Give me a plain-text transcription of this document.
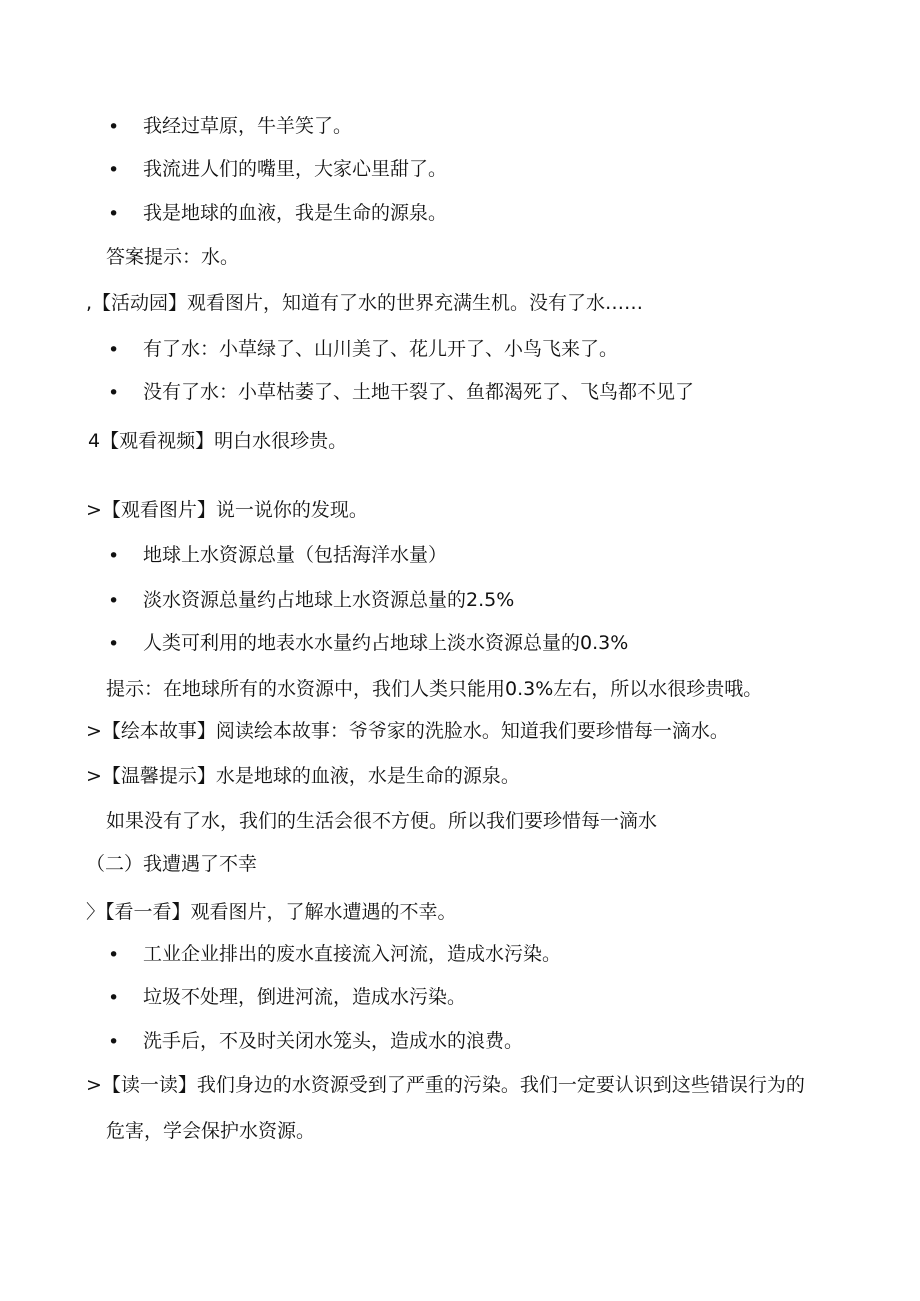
• 我经过草原，牛羊笑了。
• 我流进人们的嘴里，大家心里甜了。
• 我是地球的血液，我是生命的源泉。
答案提示：水。
,【活动园】观看图片，知道有了水的世界充满生机。没有了水……
• 有了水：小草绿了、山川美了、花儿开了、小鸟飞来了。
• 没有了水：小草枯萎了、土地干裂了、鱼都渴死了、飞鸟都不见了
4【观看视频】明白水很珍贵。
>【观看图片】说一说你的发现。
• 地球上水资源总量（包括海洋水量）
• 淡水资源总量约占地球上水资源总量的2.5%
• 人类可利用的地表水水量约占地球上淡水资源总量的0.3%
提示：在地球所有的水资源中，我们人类只能用0.3%左右，所以水很珍贵哦。
>【绘本故事】阅读绘本故事：爷爷家的洗脸水。知道我们要珍惜每一滴水。
>【温馨提示】水是地球的血液，水是生命的源泉。
如果没有了水，我们的生活会很不方便。所以我们要珍惜每一滴水
（二）我遭遇了不幸
〉【看一看】观看图片，了解水遭遇的不幸。
• 工业企业排出的废水直接流入河流，造成水污染。
• 垃圾不处理，倒进河流，造成水污染。
• 洗手后，不及时关闭水笼头，造成水的浪费。
>【读一读】我们身边的水资源受到了严重的污染。我们一定要认识到这些错误行为的
危害，学会保护水资源。
